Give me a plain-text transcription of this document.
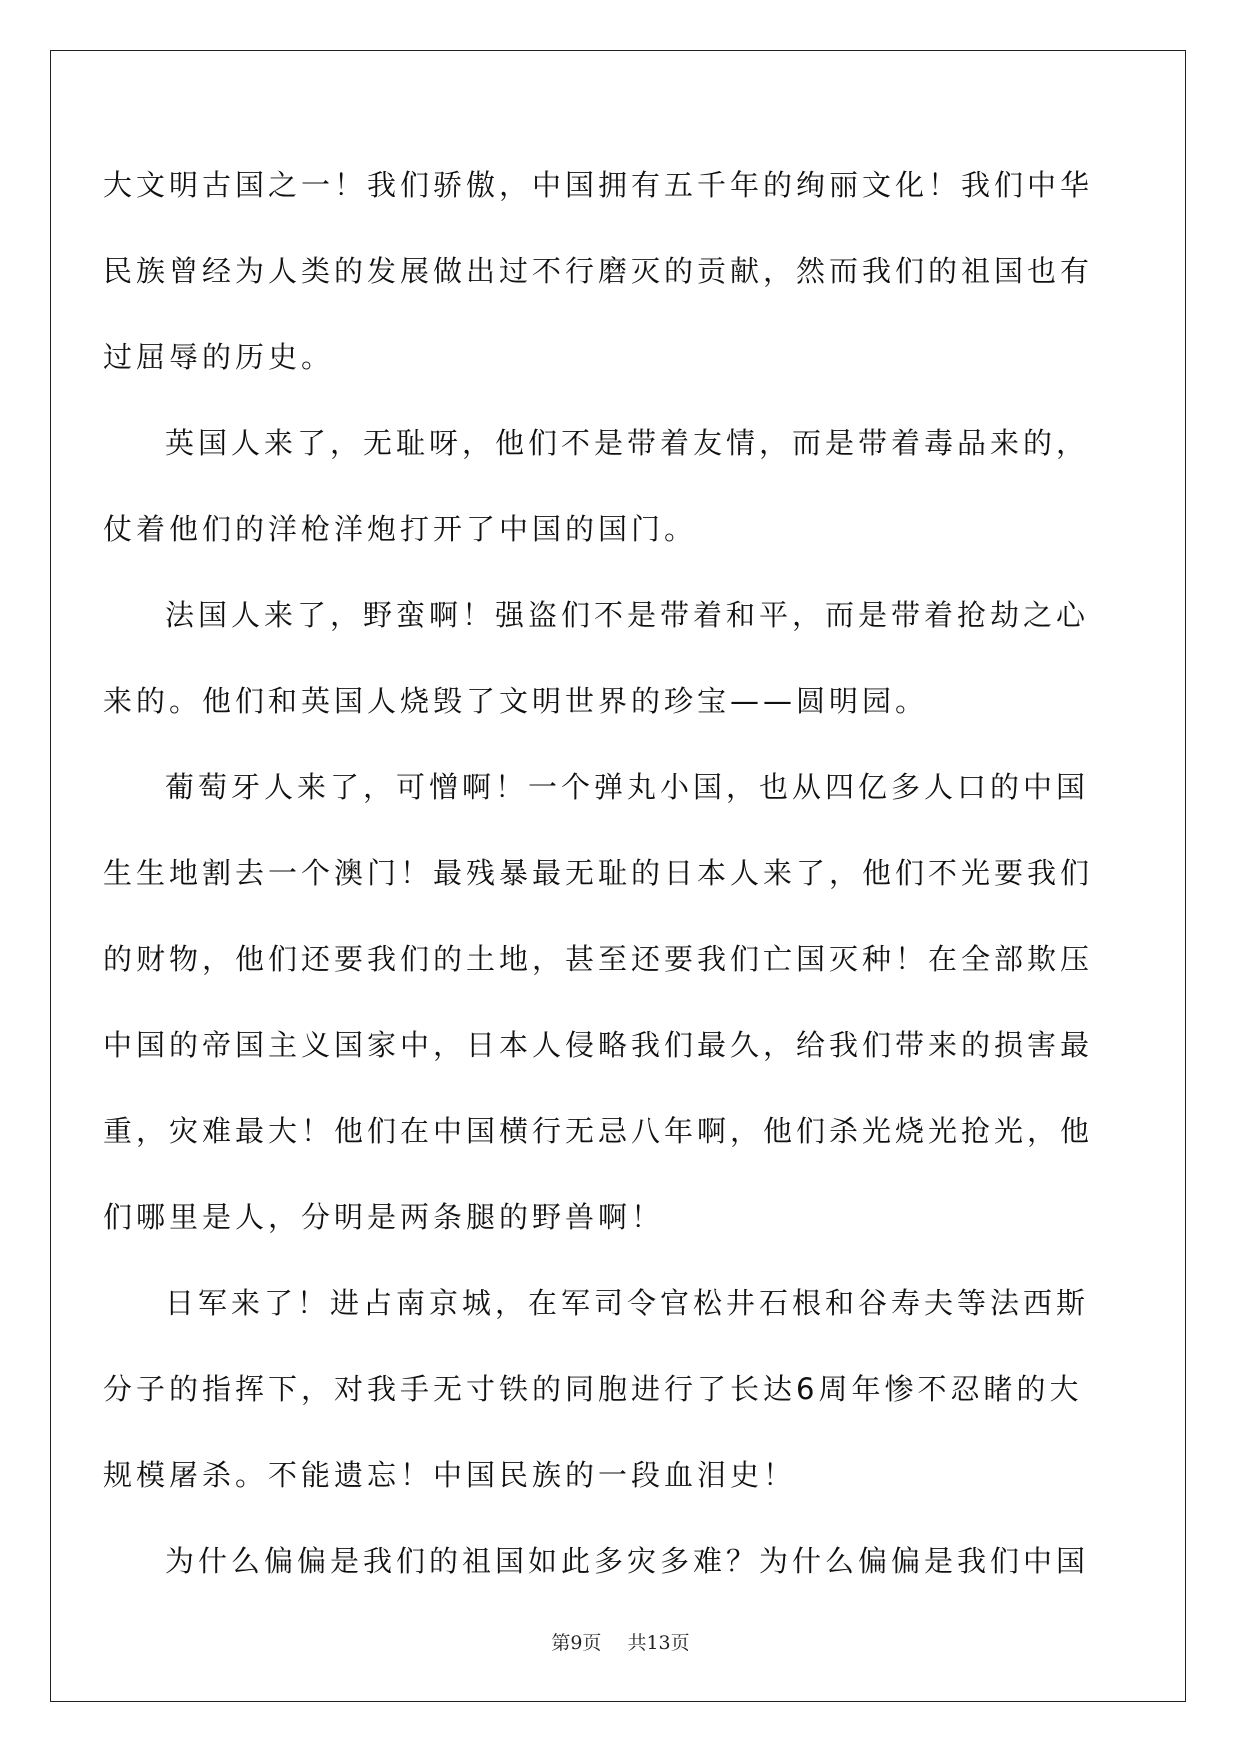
大文明古国之一！我们骄傲，中国拥有五千年的绚丽文化！我们中华
民族曾经为人类的发展做出过不行磨灭的贡献，然而我们的祖国也有
过屈辱的历史。
英国人来了，无耻呀，他们不是带着友情，而是带着毒品来的，
仗着他们的洋枪洋炮打开了中国的国门。
法国人来了，野蛮啊！强盗们不是带着和平，而是带着抢劫之心
来的。他们和英国人烧毁了文明世界的珍宝——圆明园。
葡萄牙人来了，可憎啊！一个弹丸小国，也从四亿多人口的中国
生生地割去一个澳门！最残暴最无耻的日本人来了，他们不光要我们
的财物，他们还要我们的土地，甚至还要我们亡国灭种！在全部欺压
中国的帝国主义国家中，日本人侵略我们最久，给我们带来的损害最
重，灾难最大！他们在中国横行无忌八年啊，他们杀光烧光抢光，他
们哪里是人，分明是两条腿的野兽啊！
日军来了！进占南京城，在军司令官松井石根和谷寿夫等法西斯
分子的指挥下，对我手无寸铁的同胞进行了长达6周年惨不忍睹的大
规模屠杀。不能遗忘！中国民族的一段血泪史！
为什么偏偏是我们的祖国如此多灾多难？为什么偏偏是我们中国
第9页 共13页
